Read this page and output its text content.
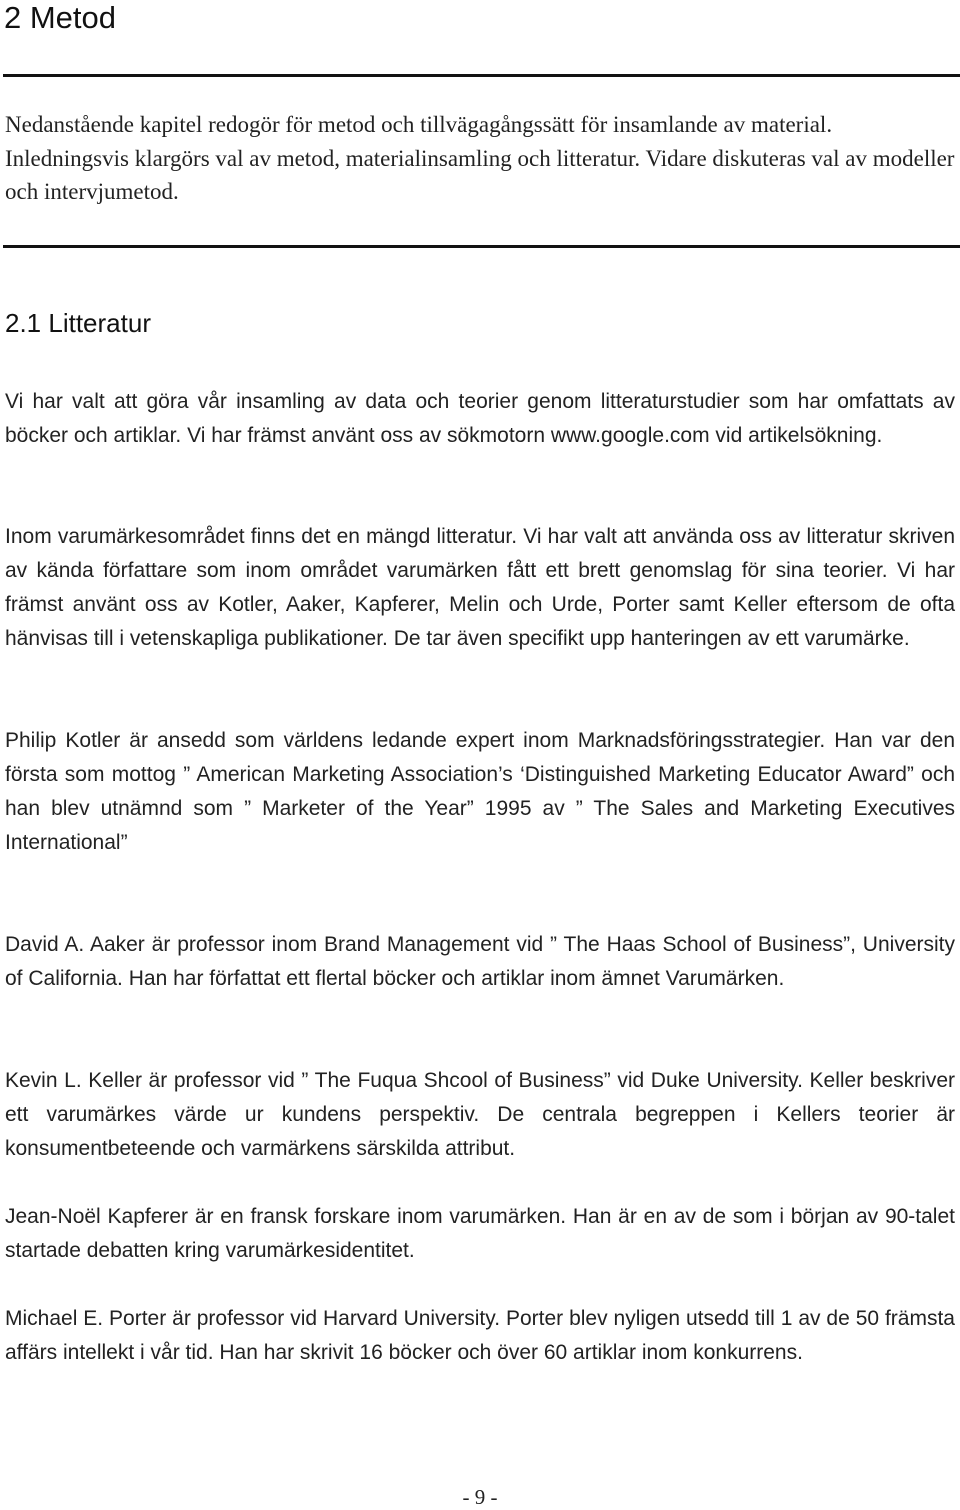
2 Metod

Nedanstående kapitel redogör för metod och tillvägagångssätt för insamlande av material. Inledningsvis klargörs val av metod, materialinsamling och litteratur. Vidare diskuteras val av modeller och intervjumetod.

2.1 Litteratur

Vi har valt att göra vår insamling av data och teorier genom litteraturstudier som har omfattats av böcker och artiklar. Vi har främst använt oss av sökmotorn www.google.com vid artikelsökning.

Inom varumärkesområdet finns det en mängd litteratur. Vi har valt att använda oss av litteratur skriven av kända författare som inom området varumärken fått ett brett genomslag för sina teorier. Vi har främst använt oss av Kotler, Aaker, Kapferer, Melin och Urde, Porter samt Keller eftersom de ofta hänvisas till i vetenskapliga publikationer. De tar även specifikt upp hanteringen av ett varumärke.

Philip Kotler är ansedd som världens ledande expert inom Marknadsföringsstrategier. Han var den första som mottog ” American Marketing Association’s ‘Distinguished Marketing Educator Award” och han blev utnämnd som ” Marketer of the Year” 1995 av ” The Sales and Marketing Executives International”

David A. Aaker är professor inom Brand Management vid ” The Haas School of Business”, University of California. Han har författat ett flertal böcker och artiklar inom ämnet Varumärken.

Kevin L. Keller är professor vid ” The Fuqua Shcool of Business” vid Duke University. Keller beskriver ett varumärkes värde ur kundens perspektiv. De centrala begreppen i Kellers teorier är konsumentbeteende och varmärkens särskilda attribut.

Jean-Noël Kapferer är en fransk forskare inom varumärken. Han är en av de som i början av 90-talet startade debatten kring varumärkesidentitet.

Michael E. Porter är professor vid Harvard University. Porter blev nyligen utsedd till 1 av de 50 främsta affärs intellekt i vår tid. Han har skrivit 16 böcker och över 60 artiklar inom konkurrens.

- 9 -
